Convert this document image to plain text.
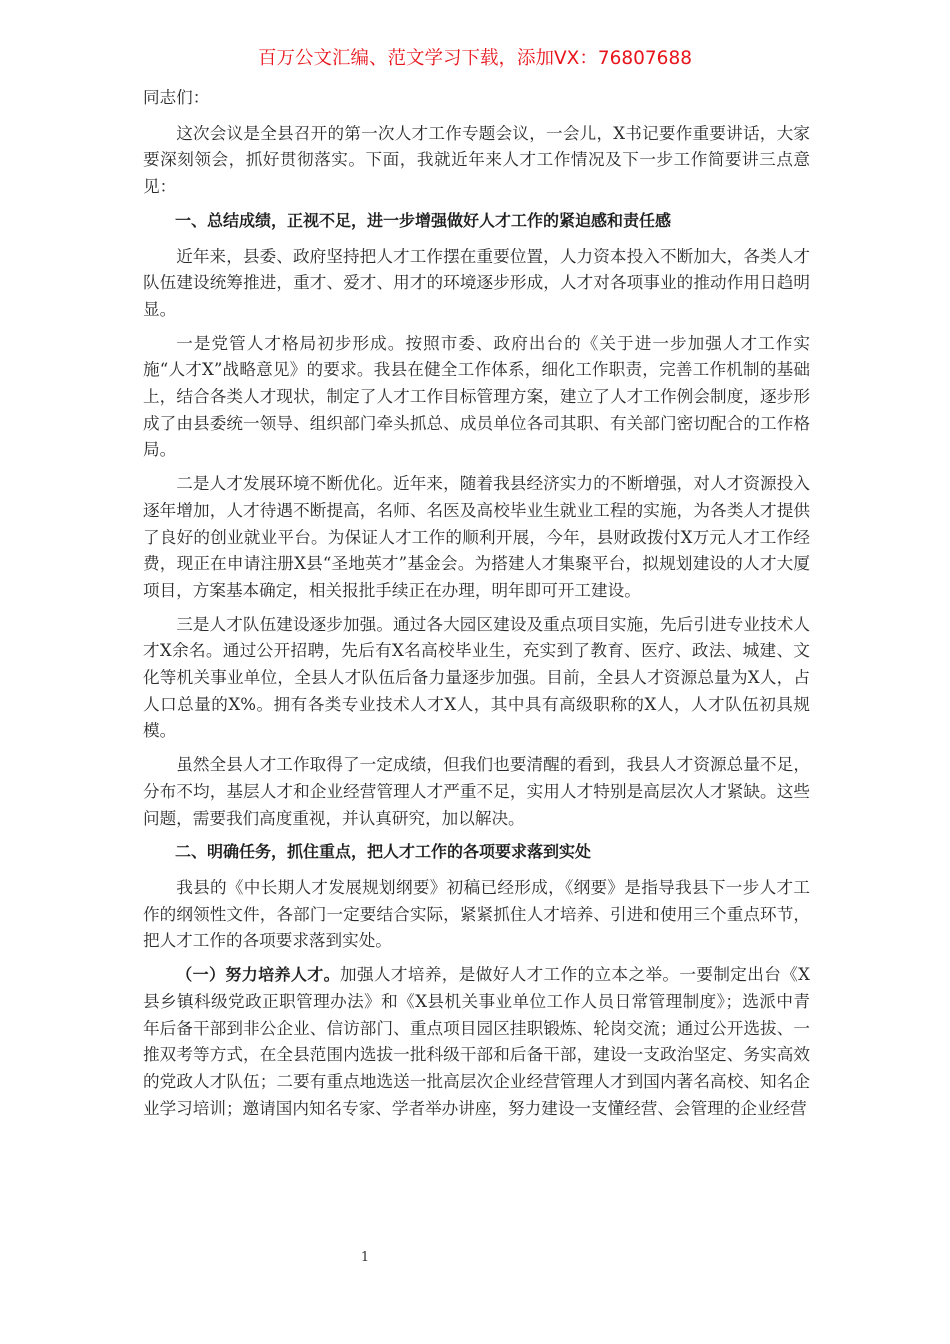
百万公文汇编、范文学习下载，添加VX：76807688

同志们：

这次会议是全县召开的第一次人才工作专题会议，一会儿，X书记要作重要讲话，大家要深刻领会，抓好贯彻落实。下面，我就近年来人才工作情况及下一步工作简要讲三点意见：

一、总结成绩，正视不足，进一步增强做好人才工作的紧迫感和责任感

近年来，县委、政府坚持把人才工作摆在重要位置，人力资本投入不断加大，各类人才队伍建设统筹推进，重才、爱才、用才的环境逐步形成，人才对各项事业的推动作用日趋明显。

一是党管人才格局初步形成。按照市委、政府出台的《关于进一步加强人才工作实施“人才X”战略意见》的要求。我县在健全工作体系，细化工作职责，完善工作机制的基础上，结合各类人才现状，制定了人才工作目标管理方案，建立了人才工作例会制度，逐步形成了由县委统一领导、组织部门牵头抓总、成员单位各司其职、有关部门密切配合的工作格局。

二是人才发展环境不断优化。近年来，随着我县经济实力的不断增强，对人才资源投入逐年增加，人才待遇不断提高，名师、名医及高校毕业生就业工程的实施，为各类人才提供了良好的创业就业平台。为保证人才工作的顺利开展，今年，县财政拨付X万元人才工作经费，现正在申请注册X县“圣地英才”基金会。为搭建人才集聚平台，拟规划建设的人才大厦项目，方案基本确定，相关报批手续正在办理，明年即可开工建设。

三是人才队伍建设逐步加强。通过各大园区建设及重点项目实施，先后引进专业技术人才X余名。通过公开招聘，先后有X名高校毕业生，充实到了教育、医疗、政法、城建、文化等机关事业单位，全县人才队伍后备力量逐步加强。目前，全县人才资源总量为X人，占人口总量的X%。拥有各类专业技术人才X人，其中具有高级职称的X人，人才队伍初具规模。

虽然全县人才工作取得了一定成绩，但我们也要清醒的看到，我县人才资源总量不足，分布不均，基层人才和企业经营管理人才严重不足，实用人才特别是高层次人才紧缺。这些问题，需要我们高度重视，并认真研究，加以解决。

二、明确任务，抓住重点，把人才工作的各项要求落到实处

我县的《中长期人才发展规划纲要》初稿已经形成，《纲要》是指导我县下一步人才工作的纲领性文件，各部门一定要结合实际，紧紧抓住人才培养、引进和使用三个重点环节，把人才工作的各项要求落到实处。

（一）努力培养人才。加强人才培养，是做好人才工作的立本之举。一要制定出台《X县乡镇科级党政正职管理办法》和《X县机关事业单位工作人员日常管理制度》；选派中青年后备干部到非公企业、信访部门、重点项目园区挂职锻炼、轮岗交流；通过公开选拔、一推双考等方式，在全县范围内选拔一批科级干部和后备干部，建设一支政治坚定、务实高效的党政人才队伍；二要有重点地选送一批高层次企业经营管理人才到国内著名高校、知名企业学习培训；邀请国内知名专家、学者举办讲座，努力建设一支懂经营、会管理的企业经营

1
